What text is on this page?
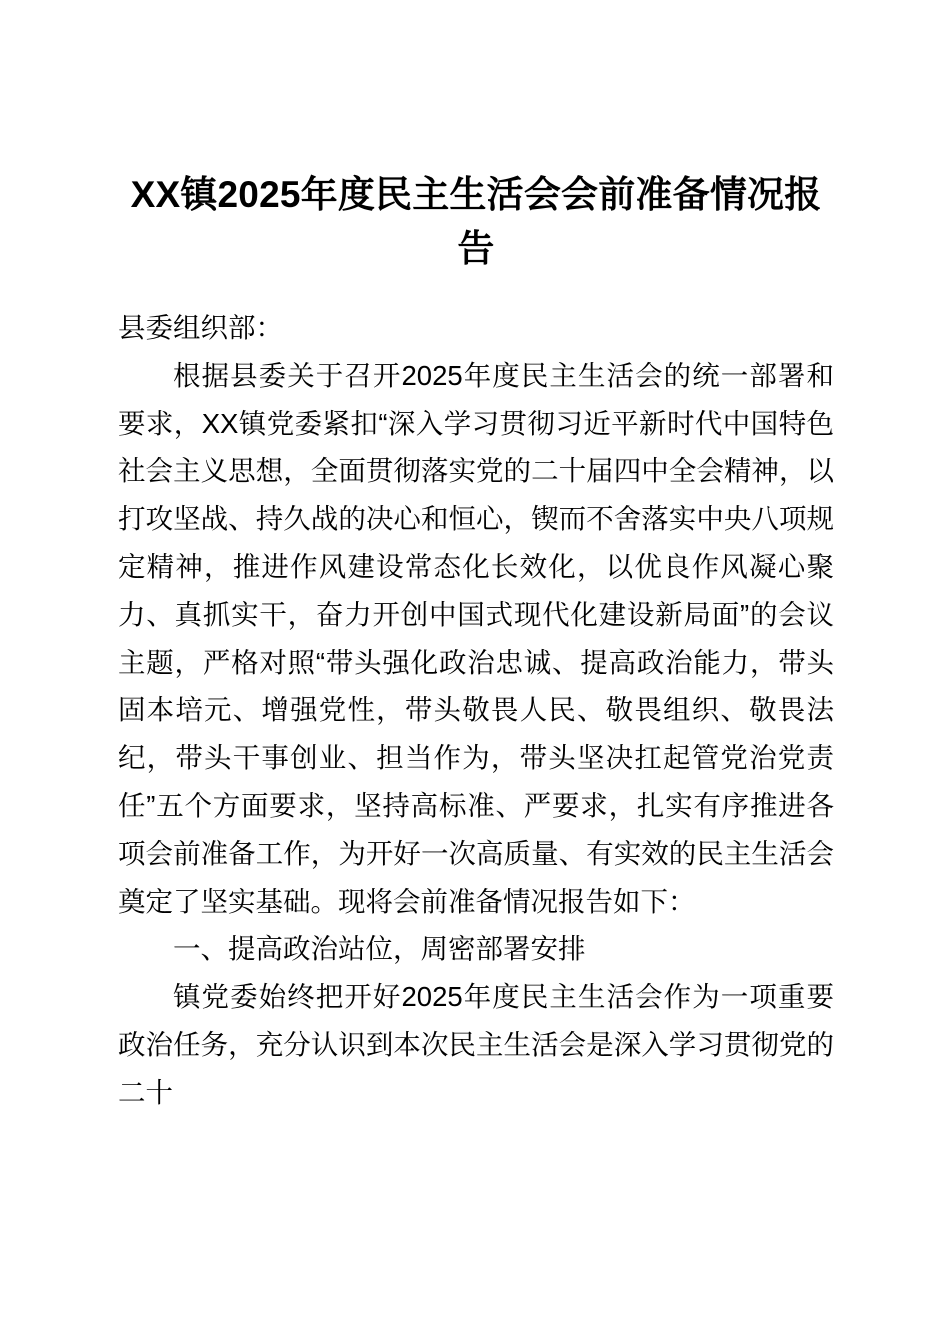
XX镇2025年度民主生活会会前准备情况报告

县委组织部：

根据县委关于召开2025年度民主生活会的统一部署和要求，XX镇党委紧扣“深入学习贯彻习近平新时代中国特色社会主义思想，全面贯彻落实党的二十届四中全会精神，以打攻坚战、持久战的决心和恒心，锲而不舍落实中央八项规定精神，推进作风建设常态化长效化，以优良作风凝心聚力、真抓实干，奋力开创中国式现代化建设新局面”的会议主题，严格对照“带头强化政治忠诚、提高政治能力，带头固本培元、增强党性，带头敬畏人民、敬畏组织、敬畏法纪，带头干事创业、担当作为，带头坚决扛起管党治党责任”五个方面要求，坚持高标准、严要求，扎实有序推进各项会前准备工作，为开好一次高质量、有实效的民主生活会奠定了坚实基础。现将会前准备情况报告如下：

一、提高政治站位，周密部署安排

镇党委始终把开好2025年度民主生活会作为一项重要政治任务，充分认识到本次民主生活会是深入学习贯彻党的二十
